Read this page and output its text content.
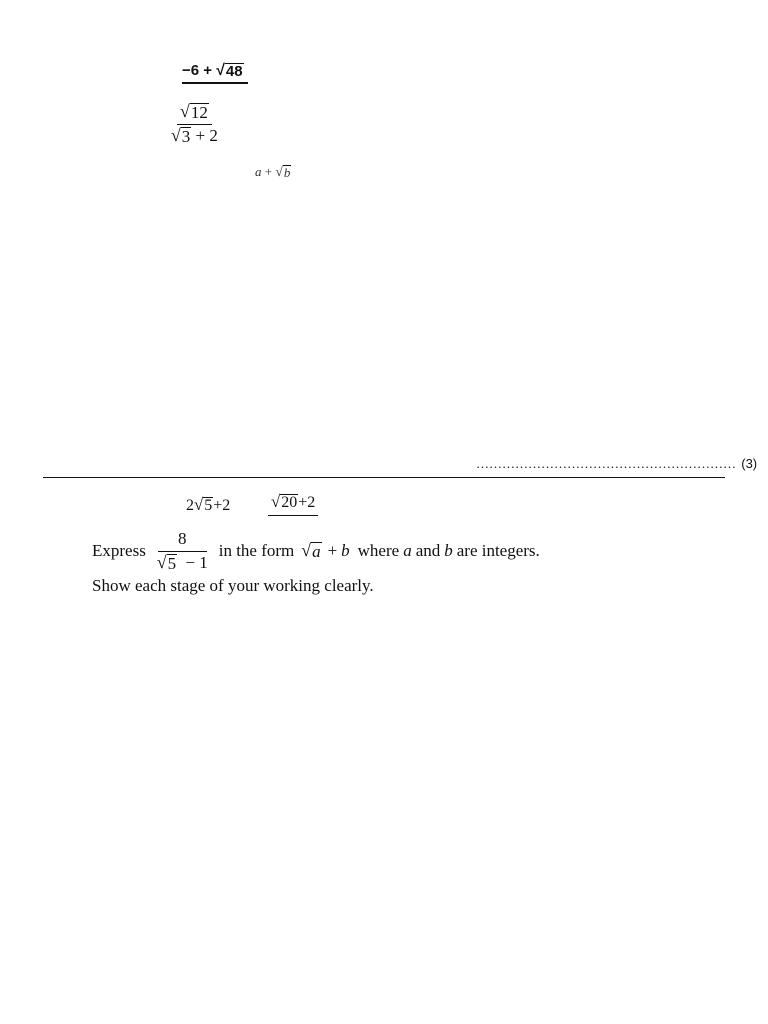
−6 + √ 48
$\frac{√ 12}{√ 3 + 2}$
a + √ b
…………………………………………………… (3)
2 √ 5 +2 √ 20 +2
Express $\frac{8}{√ 5 - 1}$ in the form √ a + b where a and b are integers.
Show each stage of your working clearly.
